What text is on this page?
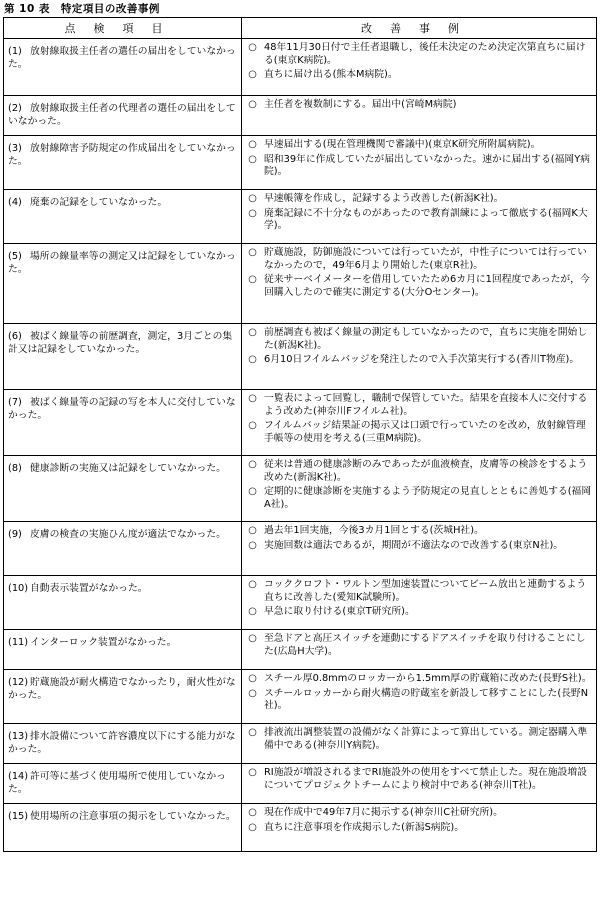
第 10 表　特定項目の改善事例
点検項目	改善事例
(1) 放射線取扱主任者の選任の届出をしていなかった。	○ 48年11月30日付で主任者退職し，後任未決定のため決定次第直ちに届ける(東京K病院)。
○ 直ちに届け出る(熊本M病院)。

(2) 放射線取扱主任者の代理者の選任の届出をしていなかった。	○ 主任者を複数制にする。届出中(宮崎M病院)

(3) 放射線障害予防規定の作成届出をしていなかった。	○ 早速届出する(現在管理機関で審議中)(東京K研究所附属病院)。
○ 昭和39年に作成していたが届出していなかった。速かに届出する(福岡Y病院)。

(4) 廃棄の記録をしていなかった。	○ 早速帳簿を作成し，記録するよう改善した(新潟K社)。
○ 廃棄記録に不十分なものがあったので教育訓練によって徹底する(福岡K大学)。

(5) 場所の線量率等の測定又は記録をしていなかった。	○ 貯蔵施設，防御施設については行っていたが，中性子については行っていなかったので，49年6月より開始した(東京R社)。
○ 従来サーベイメーターを借用していたため6カ月に1回程度であったが，今回購入したので確実に測定する(大分Oセンター)。

(6) 被ばく線量等の前歴調査，測定，3月ごとの集計又は記録をしていなかった。	○ 前歴調査も被ばく線量の測定もしていなかったので，直ちに実施を開始した(新潟K社)。
○ 6月10日フイルムバッジを発注したので入手次第実行する(香川T物産)。

(7) 被ばく線量等の記録の写を本人に交付していなかった。	○ 一覧表によって回覧し，職制で保管していた。結果を直接本人に交付するよう改めた(神奈川Fフイルム社)。
○ フイルムバッジ結果証の掲示又は口頭で行っていたのを改め，放射線管理手帳等の使用を考える(三重M病院)。

(8) 健康診断の実施又は記録をしていなかった。	○ 従来は普通の健康診断のみであったが血液検査，皮膚等の検診をするよう改めた(新潟K社)。
○ 定期的に健康診断を実施するよう予防規定の見直しとともに善処する(福岡A社)。

(9) 皮膚の検査の実施ひん度が適法でなかった。	○ 過去年1回実施，今後3カ月1回とする(茨城H社)。
○ 実施回数は適法であるが，期間が不適法なので改善する(東京N社)。

(10) 自動表示装置がなかった。	○ コッククロフト・ワルトン型加速装置についてビーム放出と連動するよう直ちに改善した(愛知K試験所)。
○ 早急に取り付ける(東京T研究所)。

(11) インターロック装置がなかった。	○ 至急ドアと高圧スイッチを連動にするドアスイッチを取り付けることにした(広島H大学)。

(12) 貯蔵施設が耐火構造でなかったり，耐火性がなかった。	○ スチール厚0.8mmのロッカーから1.5mm厚の貯蔵箱に改めた(長野S社)。
○ スチールロッカーから耐火構造の貯蔵室を新設して移すことにした(長野N社)。

(13) 排水設備について許容濃度以下にする能力がなかった。	○ 排液流出調整装置の設備がなく計算によって算出している。測定器購入準備中である(神奈川Y病院)。

(14) 許可等に基づく使用場所で使用していなかった。	○ RI施設が増設されるまでRI施設外の使用をすべて禁止した。現在施設増設についてプロジェクトチームにより検討中である(神奈川T社)。

(15) 使用場所の注意事項の掲示をしていなかった。	○ 現在作成中で49年7月に掲示する(神奈川C社研究所)。
○ 直ちに注意事項を作成掲示した(新潟S病院)。
